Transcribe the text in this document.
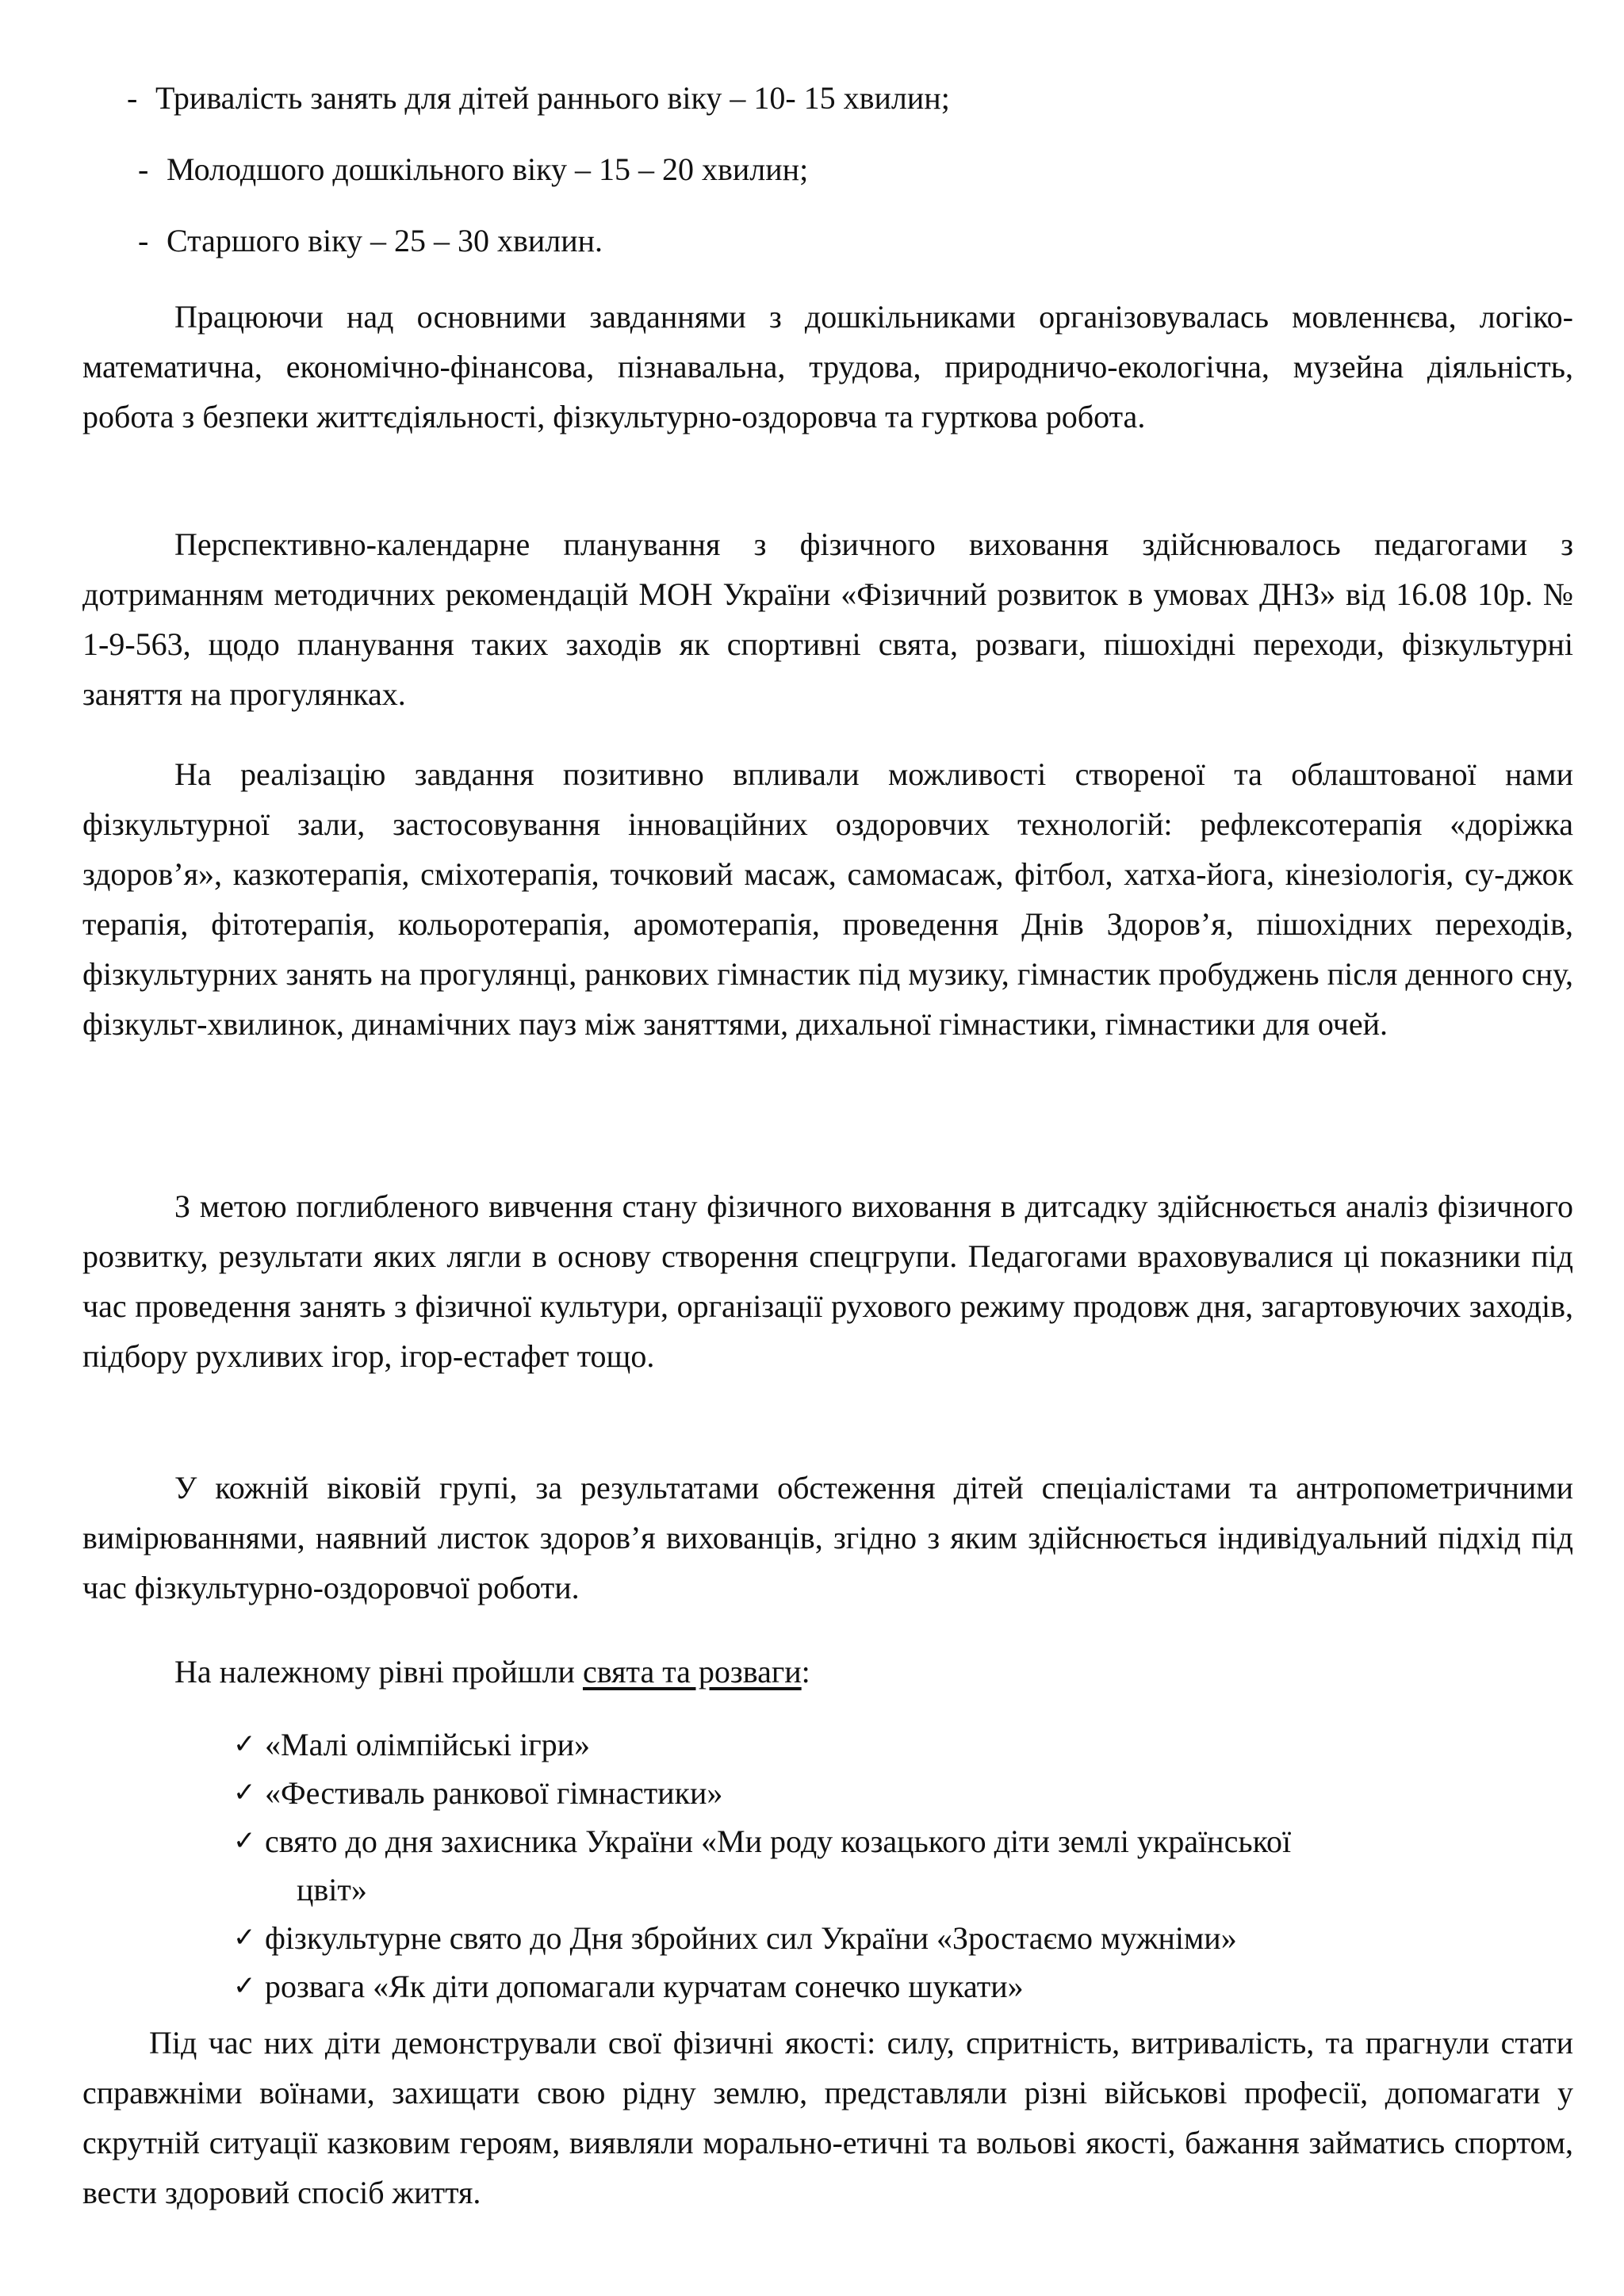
- Тривалість занять для дітей раннього віку – 10- 15 хвилин;
- Молодшого дошкільного віку – 15 – 20 хвилин;
- Старшого віку – 25 – 30 хвилин.

Працюючи над основними завданнями з дошкільниками організовувалась мовленнєва, логіко-математична, економічно-фінансова, пізнавальна, трудова, природничо-екологічна, музейна діяльність, робота з безпеки життєдіяльності, фізкультурно-оздоровча та гурткова робота.

Перспективно-календарне планування з фізичного виховання здійснювалось педагогами з дотриманням методичних рекомендацій МОН України «Фізичний розвиток в умовах ДНЗ» від 16.08 10р. № 1-9-563, щодо планування таких заходів як спортивні свята, розваги, пішохідні переходи, фізкультурні заняття на прогулянках.

На реалізацію завдання позитивно впливали можливості створеної та облаштованої нами фізкультурної зали, застосовування інноваційних оздоровчих технологій: рефлексотерапія «доріжка здоров’я», казкотерапія, сміхотерапія, точковий масаж, самомасаж, фітбол, хатха-йога, кінезіологія, су-джок терапія, фітотерапія, кольоротерапія, аромотерапія, проведення Днів Здоров’я, пішохідних переходів, фізкультурних занять на прогулянці, ранкових гімнастик під музику, гімнастик пробуджень після денного сну, фізкульт-хвилинок, динамічних пауз між заняттями, дихальної гімнастики, гімнастики для очей.

З метою поглибленого вивчення стану фізичного виховання в дитсадку здійснюється аналіз фізичного розвитку, результати яких лягли в основу створення спецгрупи. Педагогами враховувалися ці показники під час проведення занять з фізичної культури, організації рухового режиму продовж дня, загартовуючих заходів, підбору рухливих ігор, ігор-естафет тощо.

У кожній віковій групі, за результатами обстеження дітей спеціалістами та антропометричними вимірюваннями, наявний листок здоров’я вихованців, згідно з яким здійснюється індивідуальний підхід під час фізкультурно-оздоровчої роботи.

На належному рівні пройшли свята та розваги:

✓ «Малі олімпійські ігри»
✓ «Фестиваль ранкової гімнастики»
✓ свято до дня захисника України «Ми роду козацького діти землі української
цвіт»
✓ фізкультурне свято до Дня збройних сил України «Зростаємо мужніми»
✓ розвага «Як діти допомагали курчатам сонечко шукати»

Під час них діти демонстрували свої фізичні якості: силу, спритність, витривалість, та прагнули стати справжніми воїнами, захищати свою рідну землю, представляли різні військові професії, допомагати у скрутній ситуації казковим героям, виявляли морально-етичні та вольові якості, бажання займатись спортом, вести здоровий спосіб життя.
